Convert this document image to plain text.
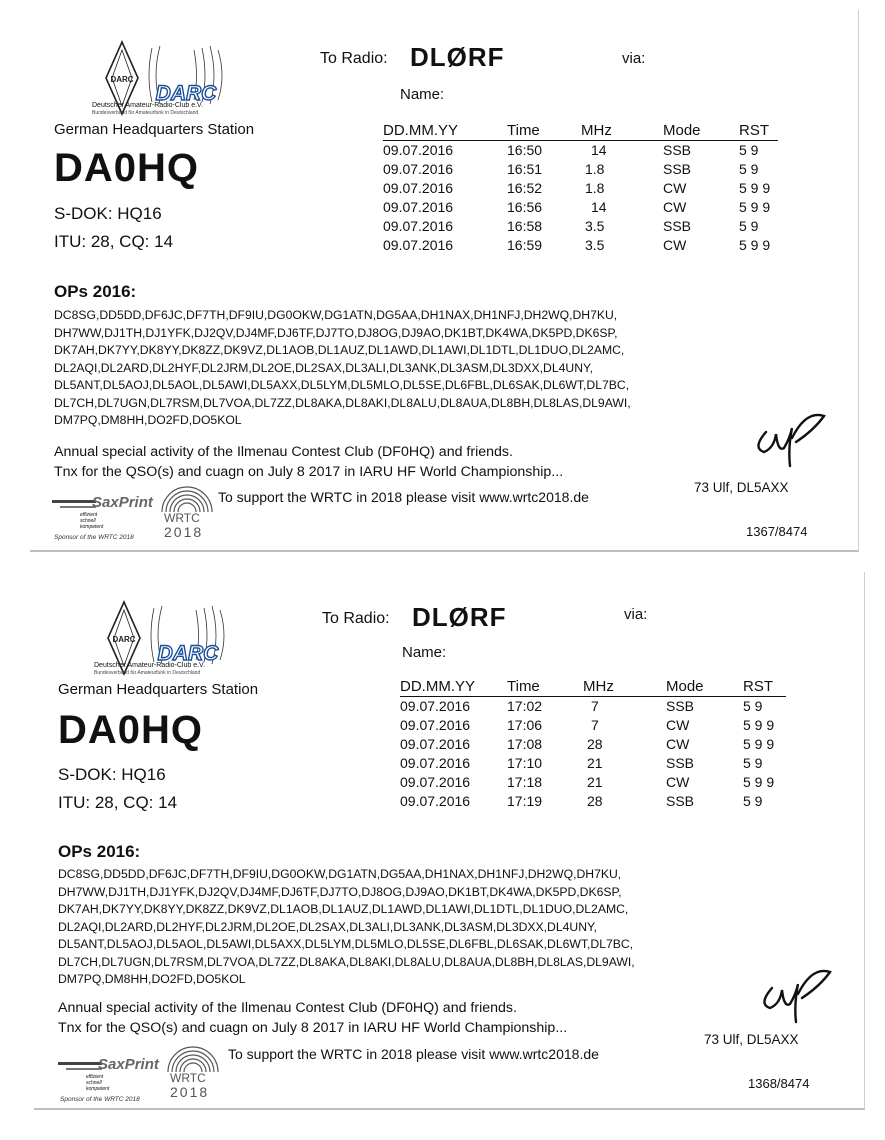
DARC
DARC
Deutscher Amateur-Radio-Club e.V.
Bundesverband für Amateurfunk in Deutschland
German Headquarters Station
DA0HQ
S-DOK: HQ16
ITU: 28, CQ: 14
To Radio: DLØRF	via:
Name:
DD.MM.YY	Time	MHz	Mode	RST
09.07.2016	16:50	14	SSB	5 9
09.07.2016	16:51	1.8	SSB	5 9
09.07.2016	16:52	1.8	CW	5 9 9
09.07.2016	16:56	14	CW	5 9 9
09.07.2016	16:58	3.5	SSB	5 9
09.07.2016	16:59	3.5	CW	5 9 9
OPs 2016:
DC8SG,DD5DD,DF6JC,DF7TH,DF9IU,DG0OKW,DG1ATN,DG5AA,DH1NAX,DH1NFJ,DH2WQ,DH7KU, DH7WW,DJ1TH,DJ1YFK,DJ2QV,DJ4MF,DJ6TF,DJ7TO,DJ8OG,DJ9AO,DK1BT,DK4WA,DK5PD,DK6SP, DK7AH,DK7YY,DK8YY,DK8ZZ,DK9VZ,DL1AOB,DL1AUZ,DL1AWD,DL1AWI,DL1DTL,DL1DUO,DL2AMC, DL2AQI,DL2ARD,DL2HYF,DL2JRM,DL2OE,DL2SAX,DL3ALI,DL3ANK,DL3ASM,DL3DXX,DL4UNY, DL5ANT,DL5AOJ,DL5AOL,DL5AWI,DL5AXX,DL5LYM,DL5MLO,DL5SE,DL6FBL,DL6SAK,DL6WT,DL7BC, DL7CH,DL7UGN,DL7RSM,DL7VOA,DL7ZZ,DL8AKA,DL8AKI,DL8ALU,DL8AUA,DL8BH,DL8LAS,DL9AWI, DM7PQ,DM8HH,DO2FD,DO5KOL
Annual special activity of the Ilmenau Contest Club (DF0HQ) and friends.
Tnx for the QSO(s) and cuagn on July 8 2017 in IARU HF World Championship...
SaxPrint
effizient
schnell
kompetent
Sponsor of the WRTC 2018
WRTC
2018
To support the WRTC in 2018 please visit www.wrtc2018.de
73 Ulf, DL5AXX
1367/8474
DARC
DARC
Deutscher Amateur-Radio-Club e.V.
Bundesverband für Amateurfunk in Deutschland
German Headquarters Station
DA0HQ
S-DOK: HQ16
ITU: 28, CQ: 14
To Radio: DLØRF	via:
Name:
DD.MM.YY	Time	MHz	Mode	RST
09.07.2016	17:02	7	SSB	5 9
09.07.2016	17:06	7	CW	5 9 9
09.07.2016	17:08	28	CW	5 9 9
09.07.2016	17:10	21	SSB	5 9
09.07.2016	17:18	21	CW	5 9 9
09.07.2016	17:19	28	SSB	5 9
OPs 2016:
DC8SG,DD5DD,DF6JC,DF7TH,DF9IU,DG0OKW,DG1ATN,DG5AA,DH1NAX,DH1NFJ,DH2WQ,DH7KU, DH7WW,DJ1TH,DJ1YFK,DJ2QV,DJ4MF,DJ6TF,DJ7TO,DJ8OG,DJ9AO,DK1BT,DK4WA,DK5PD,DK6SP, DK7AH,DK7YY,DK8YY,DK8ZZ,DK9VZ,DL1AOB,DL1AUZ,DL1AWD,DL1AWI,DL1DTL,DL1DUO,DL2AMC, DL2AQI,DL2ARD,DL2HYF,DL2JRM,DL2OE,DL2SAX,DL3ALI,DL3ANK,DL3ASM,DL3DXX,DL4UNY, DL5ANT,DL5AOJ,DL5AOL,DL5AWI,DL5AXX,DL5LYM,DL5MLO,DL5SE,DL6FBL,DL6SAK,DL6WT,DL7BC, DL7CH,DL7UGN,DL7RSM,DL7VOA,DL7ZZ,DL8AKA,DL8AKI,DL8ALU,DL8AUA,DL8BH,DL8LAS,DL9AWI, DM7PQ,DM8HH,DO2FD,DO5KOL
Annual special activity of the Ilmenau Contest Club (DF0HQ) and friends.
Tnx for the QSO(s) and cuagn on July 8 2017 in IARU HF World Championship...
SaxPrint
effizient
schnell
kompetent
Sponsor of the WRTC 2018
WRTC
2018
To support the WRTC in 2018 please visit www.wrtc2018.de
73 Ulf, DL5AXX
1368/8474
